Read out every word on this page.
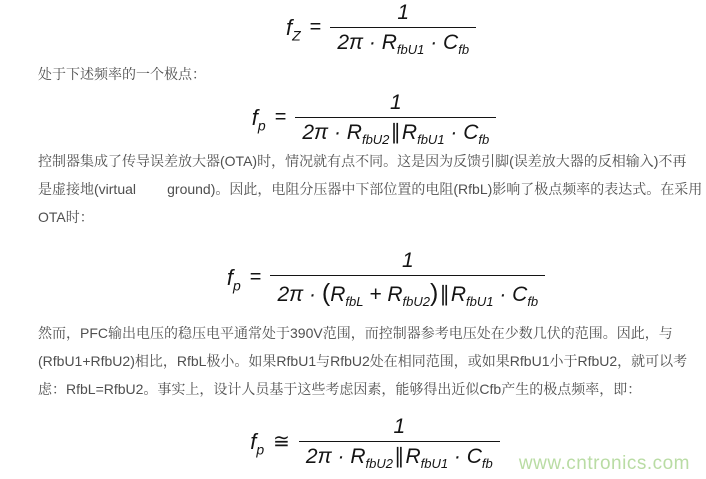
$f_Z = \frac{1}{2\pi \cdot R_{fbU1} \cdot C_{fb}}$
处于下述频率的一个极点：
$f_p = \frac{1}{2\pi \cdot R_{fbU2}\parallel R_{fbU1} \cdot C_{fb}}$
控制器集成了传导误差放大器(OTA)时，情况就有点不同。这是因为反馈引脚(误差放大器的反相输入)不再
是虚接地(virtual        ground)。因此，电阻分压器中下部位置的电阻(RfbL)影响了极点频率的表达式。在采用
OTA时：
$f_p = \frac{1}{2\pi \cdot (R_{fbL} + R_{fbU2})\parallel R_{fbU1} \cdot C_{fb}}$
然而，PFC输出电压的稳压电平通常处于390V范围，而控制器参考电压处在少数几伏的范围。因此，与
(RfbU1+RfbU2)相比，RfbL极小。如果RfbU1与RfbU2处在相同范围，或如果RfbU1小于RfbU2，就可以考
虑：RfbL=RfbU2。事实上，设计人员基于这些考虑因素，能够得出近似Cfb产生的极点频率，即：
$f_p$ ≅ $\frac{1}{2\pi \cdot R_{fbU2}\parallel R_{fbU1} \cdot C_{fb}}$ www.cntronics.com
